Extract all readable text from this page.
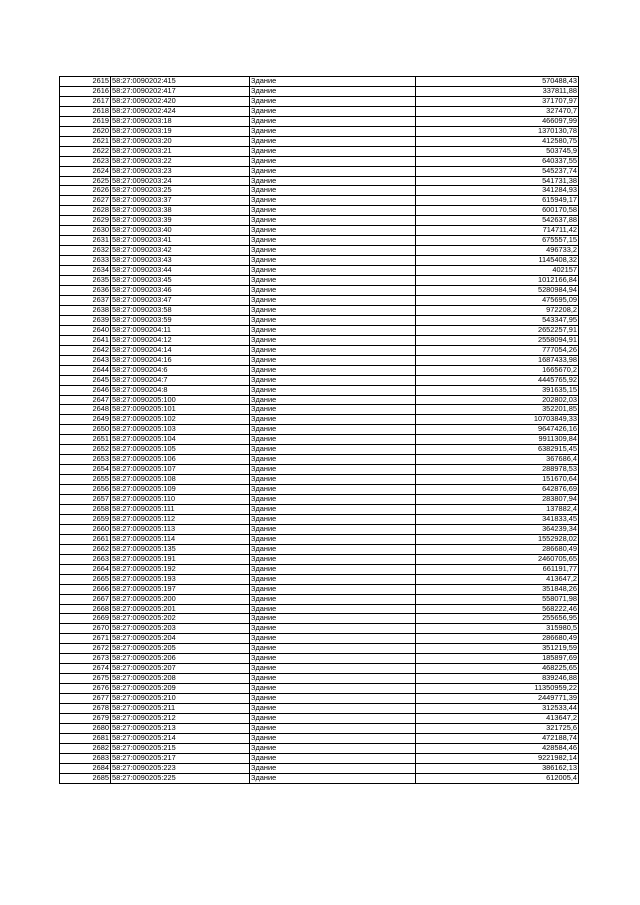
2615	58:27:0090202:415	Здание	570488,43
2616	58:27:0090202:417	Здание	337811,88
2617	58:27:0090202:420	Здание	371707,97
2618	58:27:0090202:424	Здание	327470,7
2619	58:27:0090203:18	Здание	466097,99
2620	58:27:0090203:19	Здание	1370130,78
2621	58:27:0090203:20	Здание	412580,75
2622	58:27:0090203:21	Здание	503745,9
2623	58:27:0090203:22	Здание	640337,55
2624	58:27:0090203:23	Здание	545237,74
2625	58:27:0090203:24	Здание	541731,38
2626	58:27:0090203:25	Здание	341284,93
2627	58:27:0090203:37	Здание	615949,17
2628	58:27:0090203:38	Здание	600170,58
2629	58:27:0090203:39	Здание	542637,88
2630	58:27:0090203:40	Здание	714711,42
2631	58:27:0090203:41	Здание	675557,15
2632	58:27:0090203:42	Здание	496733,2
2633	58:27:0090203:43	Здание	1145408,32
2634	58:27:0090203:44	Здание	402157
2635	58:27:0090203:45	Здание	1012166,84
2636	58:27:0090203:46	Здание	5280984,94
2637	58:27:0090203:47	Здание	475695,09
2638	58:27:0090203:58	Здание	972208,2
2639	58:27:0090203:59	Здание	543347,95
2640	58:27:0090204:11	Здание	2652257,91
2641	58:27:0090204:12	Здание	2558094,91
2642	58:27:0090204:14	Здание	777054,26
2643	58:27:0090204:16	Здание	1687433,98
2644	58:27:0090204:6	Здание	1665670,2
2645	58:27:0090204:7	Здание	4445765,92
2646	58:27:0090204:8	Здание	391635,15
2647	58:27:0090205:100	Здание	202802,03
2648	58:27:0090205:101	Здание	352201,85
2649	58:27:0090205:102	Здание	10703849,33
2650	58:27:0090205:103	Здание	9647426,16
2651	58:27:0090205:104	Здание	9911309,84
2652	58:27:0090205:105	Здание	6382915,45
2653	58:27:0090205:106	Здание	367686,4
2654	58:27:0090205:107	Здание	288978,53
2655	58:27:0090205:108	Здание	151670,64
2656	58:27:0090205:109	Здание	642876,69
2657	58:27:0090205:110	Здание	283807,94
2658	58:27:0090205:111	Здание	137882,4
2659	58:27:0090205:112	Здание	341833,45
2660	58:27:0090205:113	Здание	364239,34
2661	58:27:0090205:114	Здание	1552928,02
2662	58:27:0090205:135	Здание	286680,49
2663	58:27:0090205:191	Здание	2460705,65
2664	58:27:0090205:192	Здание	661191,77
2665	58:27:0090205:193	Здание	413647,2
2666	58:27:0090205:197	Здание	351848,26
2667	58:27:0090205:200	Здание	558071,98
2668	58:27:0090205:201	Здание	568222,46
2669	58:27:0090205:202	Здание	255656,95
2670	58:27:0090205:203	Здание	315980,5
2671	58:27:0090205:204	Здание	286680,49
2672	58:27:0090205:205	Здание	351219,59
2673	58:27:0090205:206	Здание	185897,69
2674	58:27:0090205:207	Здание	468225,65
2675	58:27:0090205:208	Здание	839246,88
2676	58:27:0090205:209	Здание	11350959,22
2677	58:27:0090205:210	Здание	2449771,39
2678	58:27:0090205:211	Здание	312533,44
2679	58:27:0090205:212	Здание	413647,2
2680	58:27:0090205:213	Здание	321725,6
2681	58:27:0090205:214	Здание	472188,74
2682	58:27:0090205:215	Здание	428584,46
2683	58:27:0090205:217	Здание	9221982,14
2684	58:27:0090205:223	Здание	386162,13
2685	58:27:0090205:225	Здание	612005,4
